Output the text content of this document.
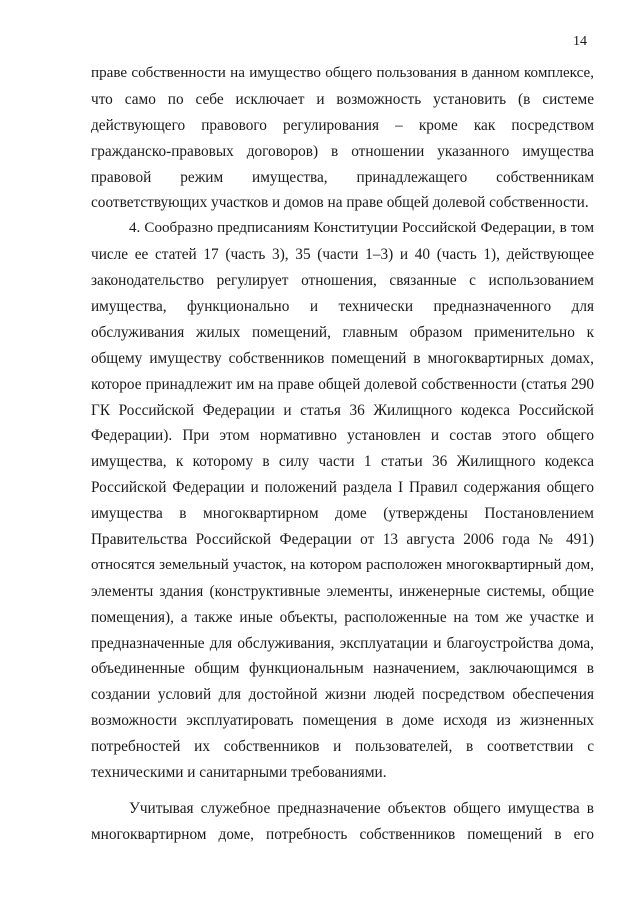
14
праве собственности на имущество общего пользования в данном комплексе,
что само по себе исключает и возможность установить (в системе
действующего правового регулирования – кроме как посредством
гражданско-правовых договоров) в отношении указанного имущества
правовой режим имущества, принадлежащего собственникам
соответствующих участков и домов на праве общей долевой собственности.
4. Сообразно предписаниям Конституции Российской Федерации, в том
числе ее статей 17 (часть 3), 35 (части 1–3) и 40 (часть 1), действующее
законодательство регулирует отношения, связанные с использованием
имущества, функционально и технически предназначенного для
обслуживания жилых помещений, главным образом применительно к
общему имуществу собственников помещений в многоквартирных домах,
которое принадлежит им на праве общей долевой собственности (статья 290
ГК Российской Федерации и статья 36 Жилищного кодекса Российской
Федерации). При этом нормативно установлен и состав этого общего
имущества, к которому в силу части 1 статьи 36 Жилищного кодекса
Российской Федерации и положений раздела I Правил содержания общего
имущества в многоквартирном доме (утверждены Постановлением
Правительства Российской Федерации от 13 августа 2006 года № 491)
относятся земельный участок, на котором расположен многоквартирный дом,
элементы здания (конструктивные элементы, инженерные системы, общие
помещения), а также иные объекты, расположенные на том же участке и
предназначенные для обслуживания, эксплуатации и благоустройства дома,
объединенные общим функциональным назначением, заключающимся в
создании условий для достойной жизни людей посредством обеспечения
возможности эксплуатировать помещения в доме исходя из жизненных
потребностей их собственников и пользователей, в соответствии с
техническими и санитарными требованиями.
Учитывая служебное предназначение объектов общего имущества в
многоквартирном доме, потребность собственников помещений в его
